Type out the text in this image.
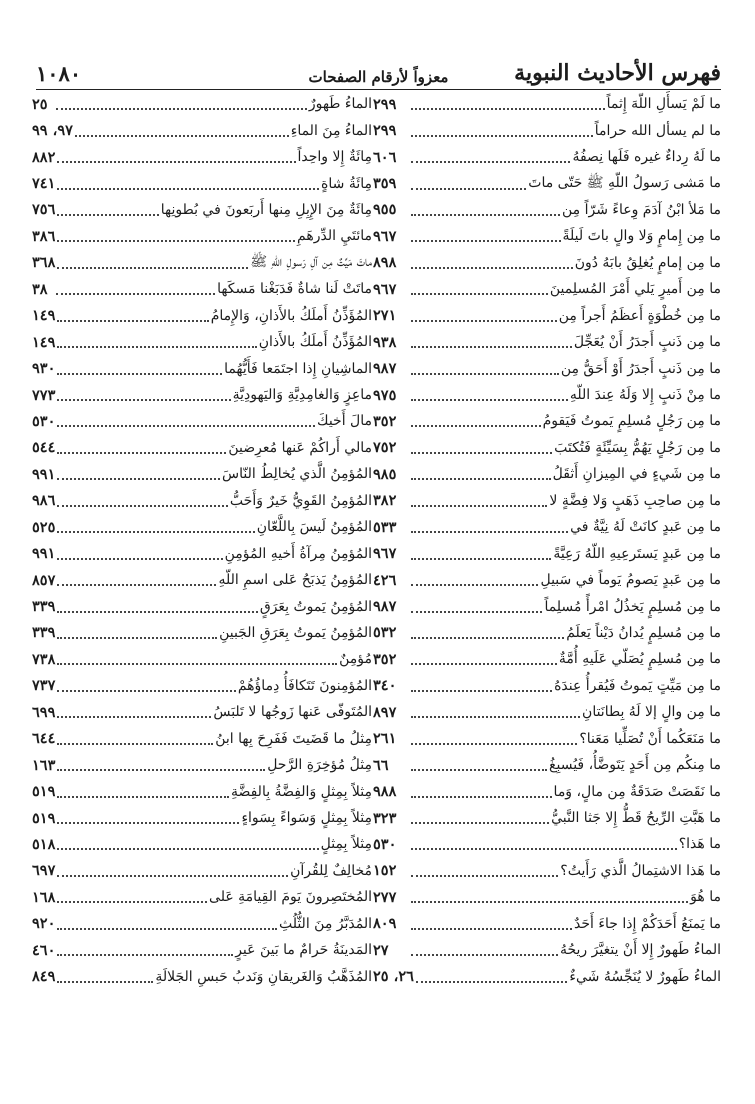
فهرس الأحاديث النبوية
معزواً لأرقام الصفحات
١٠٨٠
ما لَمْ يَسأَلِ اللّهَ إِثماً
٢٩٩
ما لم يسأل الله حراماً
٢٩٩
ما لَهُ رِداءٌ غيره فَلَها نِصفُهُ
٦٠٦
ما مَشى رَسولُ اللّهِ ﷺ حَتّى ماتَ
٣٥٩
ما مَلأ ابْنُ آدَمَ وِعاءً شَرّاً مِن
٩٥٥
ما مِن إِمامٍ وَلا والٍ باتَ لَيلَةً
٩٦٧
ما مِن إمامٍ يُغلِقُ بابَهُ دُونَ
٨٩٨
ما مِن أَميرٍ يَلي أَمْرَ المُسلِمينَ
٩٦٧
ما مِن خُطْوَةٍ أَعظَمُ أَجراً مِن
٢٧١
ما مِن ذَنبٍ أَجدَرُ أَنْ يُعَجِّلَ
٩٣٨
ما مِن ذَنبٍ أَجدَرُ أَوْ أَحَقُّ مِن
٩٨٧
ما مِنْ ذَنبٍ إِلا وَلَهُ عِندَ اللّهِ
٩٧٥
ما مِن رَجُلٍ مُسلِمٍ يَموتُ فَيَقومُ
٣٥٢
ما مِن رَجُلٍ يَهُمُّ بِسَيِّئَةٍ فَتُكتَبَ
٧٥٢
ما مِن شَيءٍ في المِيزانِ أَثقَلُ
٩٨٥
ما مِن صاحِبِ ذَهَبٍ وَلا فِضَّةٍ لا
٣٨٢
ما مِن عَبدٍ كانَتْ لَهُ نِيَّةٌ في
٥٣٣
ما مِن عَبدٍ يَستَرعِيهِ اللّهُ رَعِيَّةً
٩٦٧
ما مِن عَبدٍ يَصومُ يَوماً في سَبيلِ
٤٢٦
ما مِن مُسلِمٍ يَخذُلُ امْرأً مُسلِماً
٩٨٧
ما مِن مُسلِمٍ يُدانُ دَيْناً يَعلَمُ
٥٣٢
ما مِن مُسلِمٍ يُصَلّي عَلَيهِ أُمَّةٌ
٣٥٢
ما مِن مَيِّتٍ يَموتُ فَيُقرأُ عِندَهُ
٣٤٠
ما مِن والٍ إلا لَهُ بِطانَتانِ
٨٩٧
ما مَنَعَكُما أَنْ تُصَلِّيا مَعَنا؟
٢٦١
ما مِنكُم مِن أَحَدٍ يَتَوضَّأُ، فَيُسبِغُ
٦٦
ما نَقَصَتْ صَدَقَةٌ مِن مالٍ، وَما
٩٨٨
ما هَبَّتِ الرِّيحُ قَطُّ إِلا جَثا النَّبيُّ
٣٢٣
ما هَذا؟
٥٣٠
ما هَذا الاشتِمالُ الَّذي رَأَيتُ؟
١٥٢
ما هُوَ
٢٧٧
ما يَمنَعُ أَحَدَكُمْ إِذا جاءَ أَحَدٌ
٨٠٩
الماءُ طَهورٌ إِلا أَنْ يتغيَّرَ ريحُهُ
٢٧
الماءُ طَهورٌ لا يُنَجِّسُهُ شَيءٌ
٢٦، ٢٥
الماءُ طَهورٌ
٢٥
الماءُ مِنَ الماءِ
٩٧، ٩٩
مِائَةٌ إِلا واحِداً
٨٨٢
مِائَةُ شاةٍ
٧٤١
مِائَةٌ مِنَ الإِبِلِ مِنها أَربَعونَ في بُطونِها
٧٥٦
مائتَيِ الدِّرهَمِ
٣٨٦
ماتَ مَيِّتٌ مِن آلِ رَسولِ اللّهِ ﷺ
٣٦٨
ماتَتْ لَنا شاةٌ فَدَبَغْنا مَسكَها
٣٨
المُؤَذِّنُ أَملَكُ بالأَذانِ، وَالإِمامُ
١٤٩
المُؤَذِّنُ أَملَكُ بالأَذانِ
١٤٩
الماشِيانِ إِذا اجتَمَعا فَأَيُّهُما
٩٣٠
ماعِزٍ وَالغامِدِيَّةِ وَاليَهودِيَّةِ
٧٧٣
مالَ أَخيكَ
٥٣٠
مالي أَراكُمْ عَنها مُعرِضينَ
٥٤٤
المُؤمِنُ الَّذي يُخالِطُ النّاسَ
٩٩١
المُؤمِنُ القَوِيُّ خَيرٌ وَأَحَبُّ
٩٨٦
المُؤمِنُ لَيسَ بِاللَّعّانِ
٥٢٥
المُؤمِنُ مِرآةُ أَخيهِ المُؤمِنِ
٩٩١
المُؤمِنُ يَذبَحُ عَلى اسمِ اللّهِ
٨٥٧
المُؤمِنُ يَموتُ بِعَرَقٍ
٣٣٩
المُؤمِنُ يَموتُ بِعَرَقِ الجَبينِ
٣٣٩
مُؤمِنٌ
٧٣٨
المُؤمِنونَ تَتَكافَأُ دِماؤُهُمْ
٧٣٧
المُتَوفّى عَنها زَوجُها لا تَلبَسُ
٦٩٩
مِثلُ ما قَضَيتَ فَفَرِحَ بِها ابنُ
٦٤٤
مِثلُ مُؤخِرَةِ الرَّحلِ
١٦٣
مِثلاً بِمِثلٍ وَالفِضَّةُ بِالفِضَّةِ
٥١٩
مِثلاً بِمِثلٍ وَسَواءً بِسَواءٍ
٥١٩
مِثلاً بِمِثلٍ
٥١٨
مُخالِفٌ لِلقُرآنِ
٦٩٧
المُختَصِرونَ يَومَ القِيامَةِ عَلى
١٦٨
المُدَبَّرُ مِنَ الثُّلُثِ
٩٢٠
المَدينَةُ حَرامٌ ما بَينَ عَيرٍ
٤٦٠
المُذَهَّبُ وَالغَريقانِ وَنَدبُ حَبسِ الجَلالَةِ
٨٤٩
